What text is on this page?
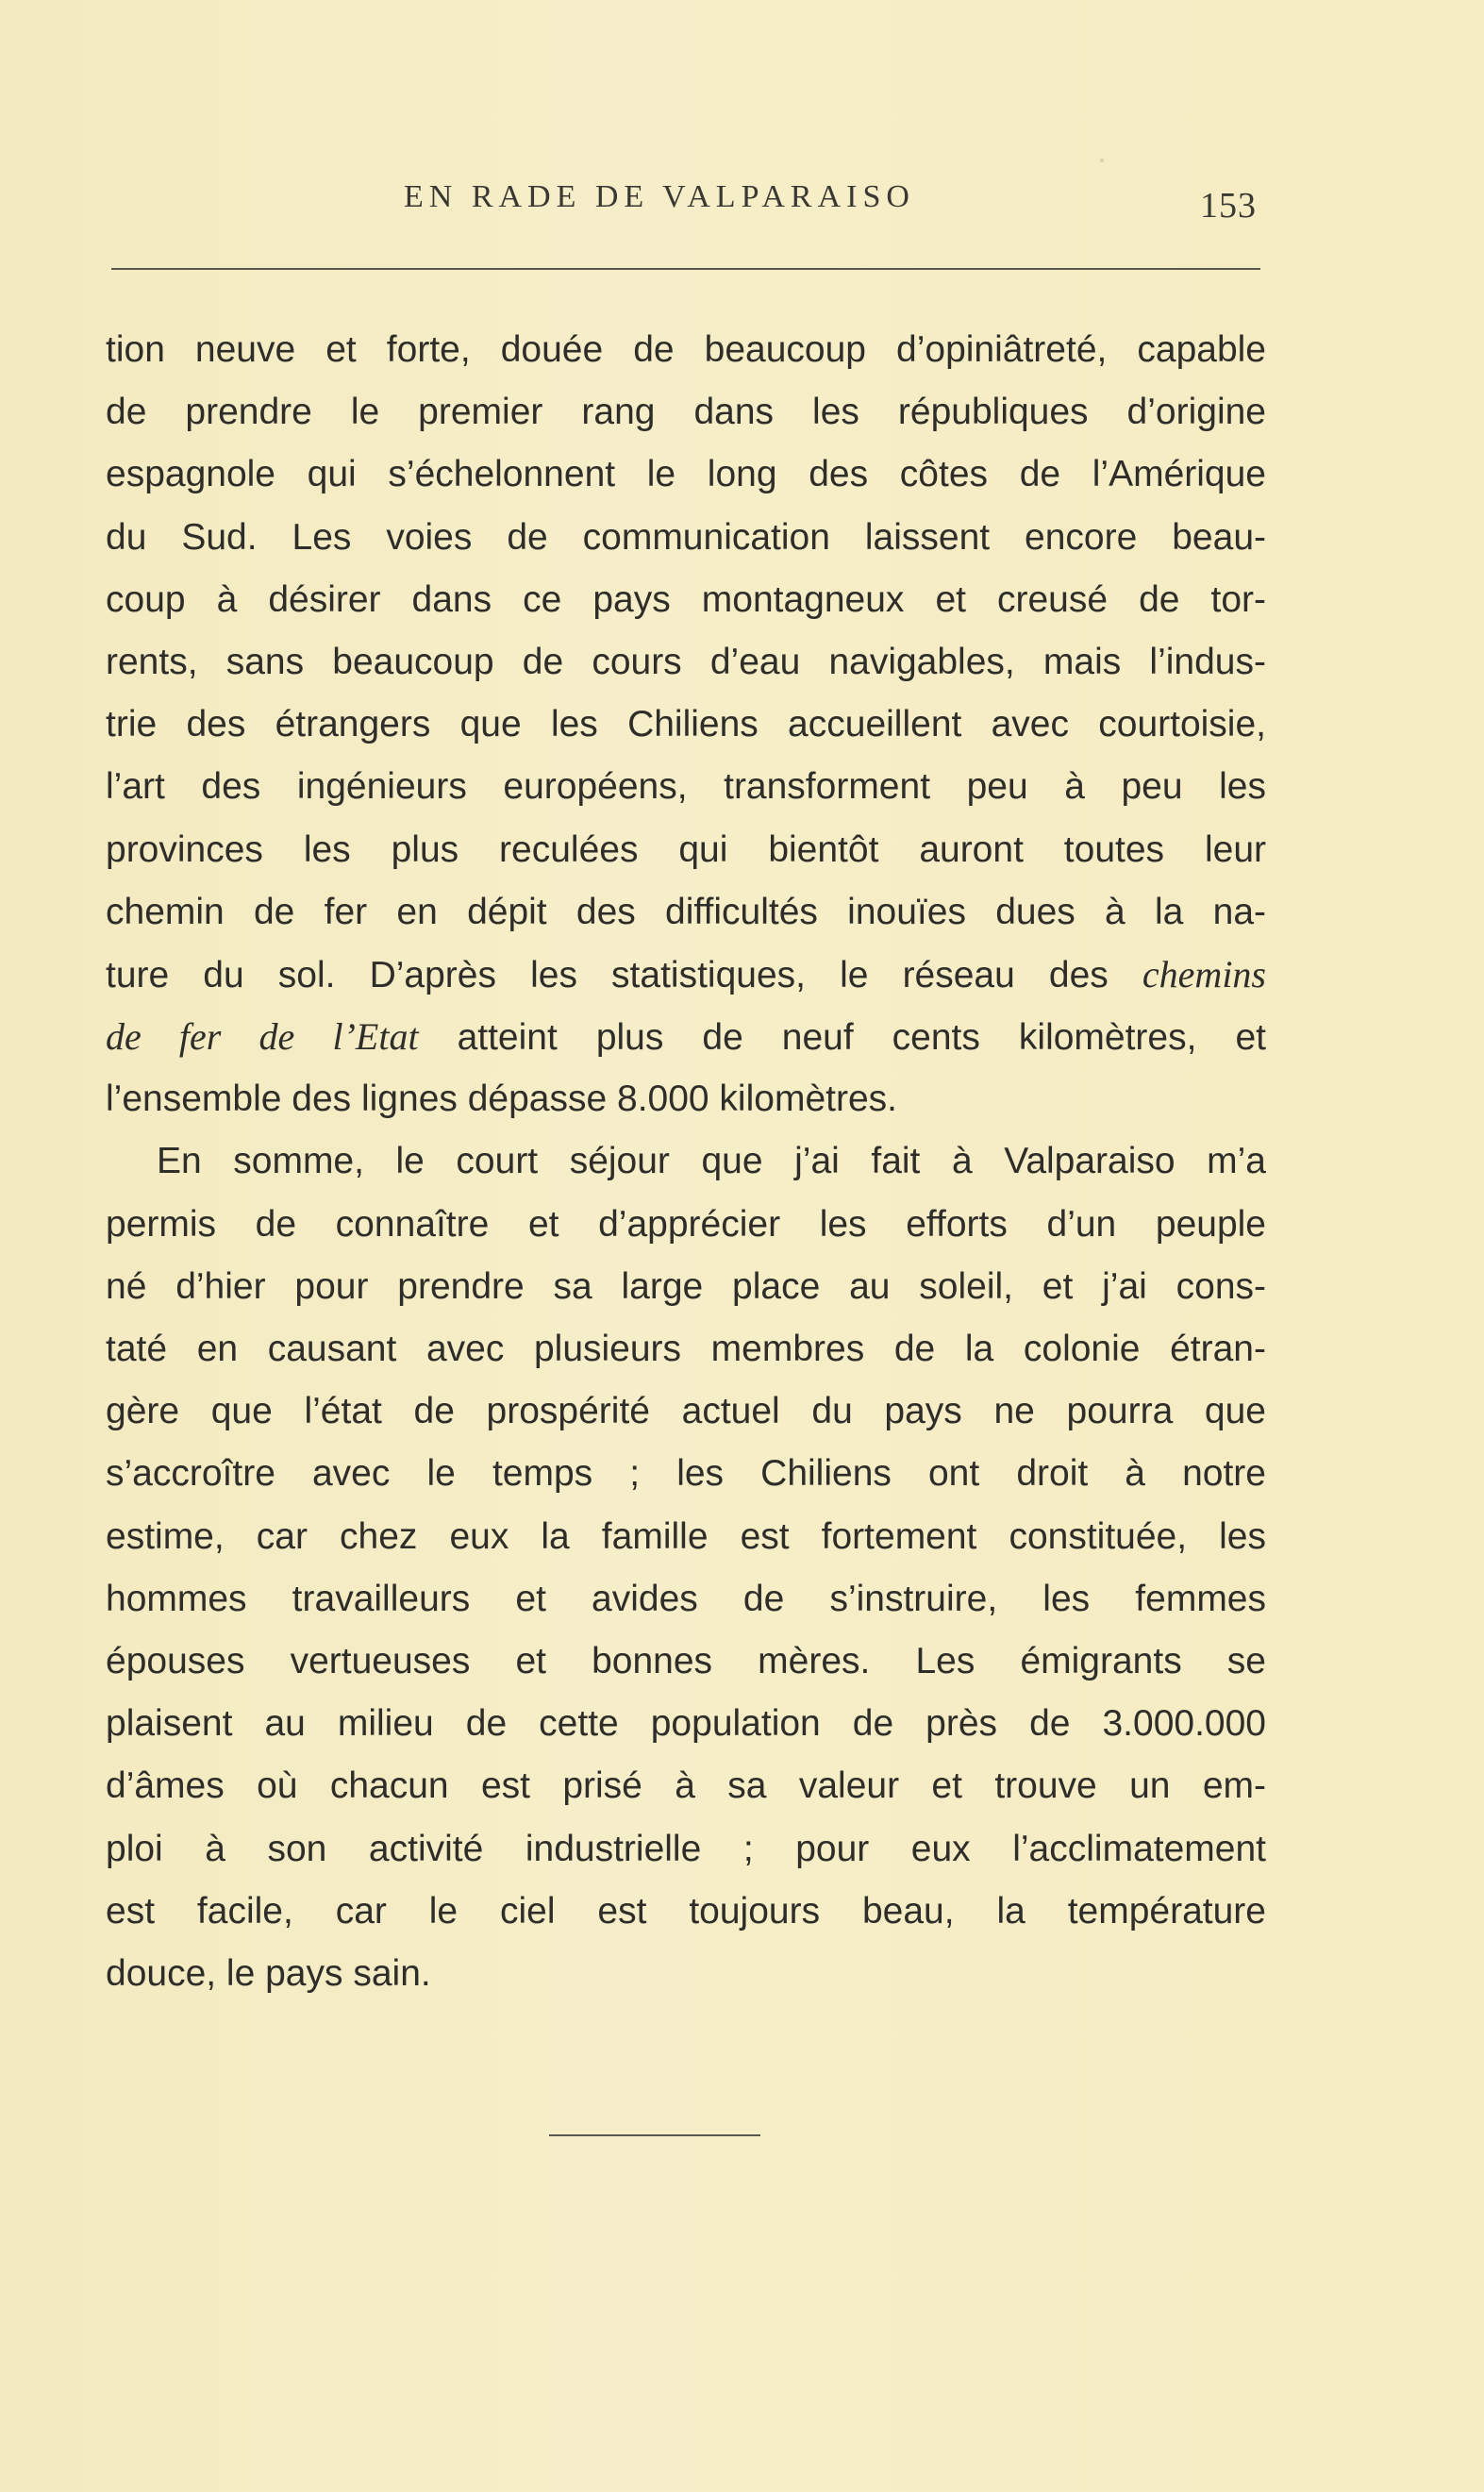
EN RADE DE VALPARAISO	153
tion neuve et forte, douée de beaucoup d’opiniâtreté, capable
de prendre le premier rang dans les républiques d’origine
espagnole qui s’échelonnent le long des côtes de l’Amérique
du Sud. Les voies de communication laissent encore beau-
coup à désirer dans ce pays montagneux et creusé de tor-
rents, sans beaucoup de cours d’eau navigables, mais l’indus-
trie des étrangers que les Chiliens accueillent avec courtoisie,
l’art des ingénieurs européens, transforment peu à peu les
provinces les plus reculées qui bientôt auront toutes leur
chemin de fer en dépit des difficultés inouïes dues à la na-
ture du sol. D’après les statistiques, le réseau des chemins
de fer de l’Etat atteint plus de neuf cents kilomètres, et
l’ensemble des lignes dépasse 8.000 kilomètres.
En somme, le court séjour que j’ai fait à Valparaiso m’a
permis de connaître et d’apprécier les efforts d’un peuple
né d’hier pour prendre sa large place au soleil, et j’ai cons-
taté en causant avec plusieurs membres de la colonie étran-
gère que l’état de prospérité actuel du pays ne pourra que
s’accroître avec le temps ; les Chiliens ont droit à notre
estime, car chez eux la famille est fortement constituée, les
hommes travailleurs et avides de s’instruire, les femmes
épouses vertueuses et bonnes mères. Les émigrants se
plaisent au milieu de cette population de près de 3.000.000
d’âmes où chacun est prisé à sa valeur et trouve un em-
ploi à son activité industrielle ; pour eux l’acclimatement
est facile, car le ciel est toujours beau, la température
douce, le pays sain.
